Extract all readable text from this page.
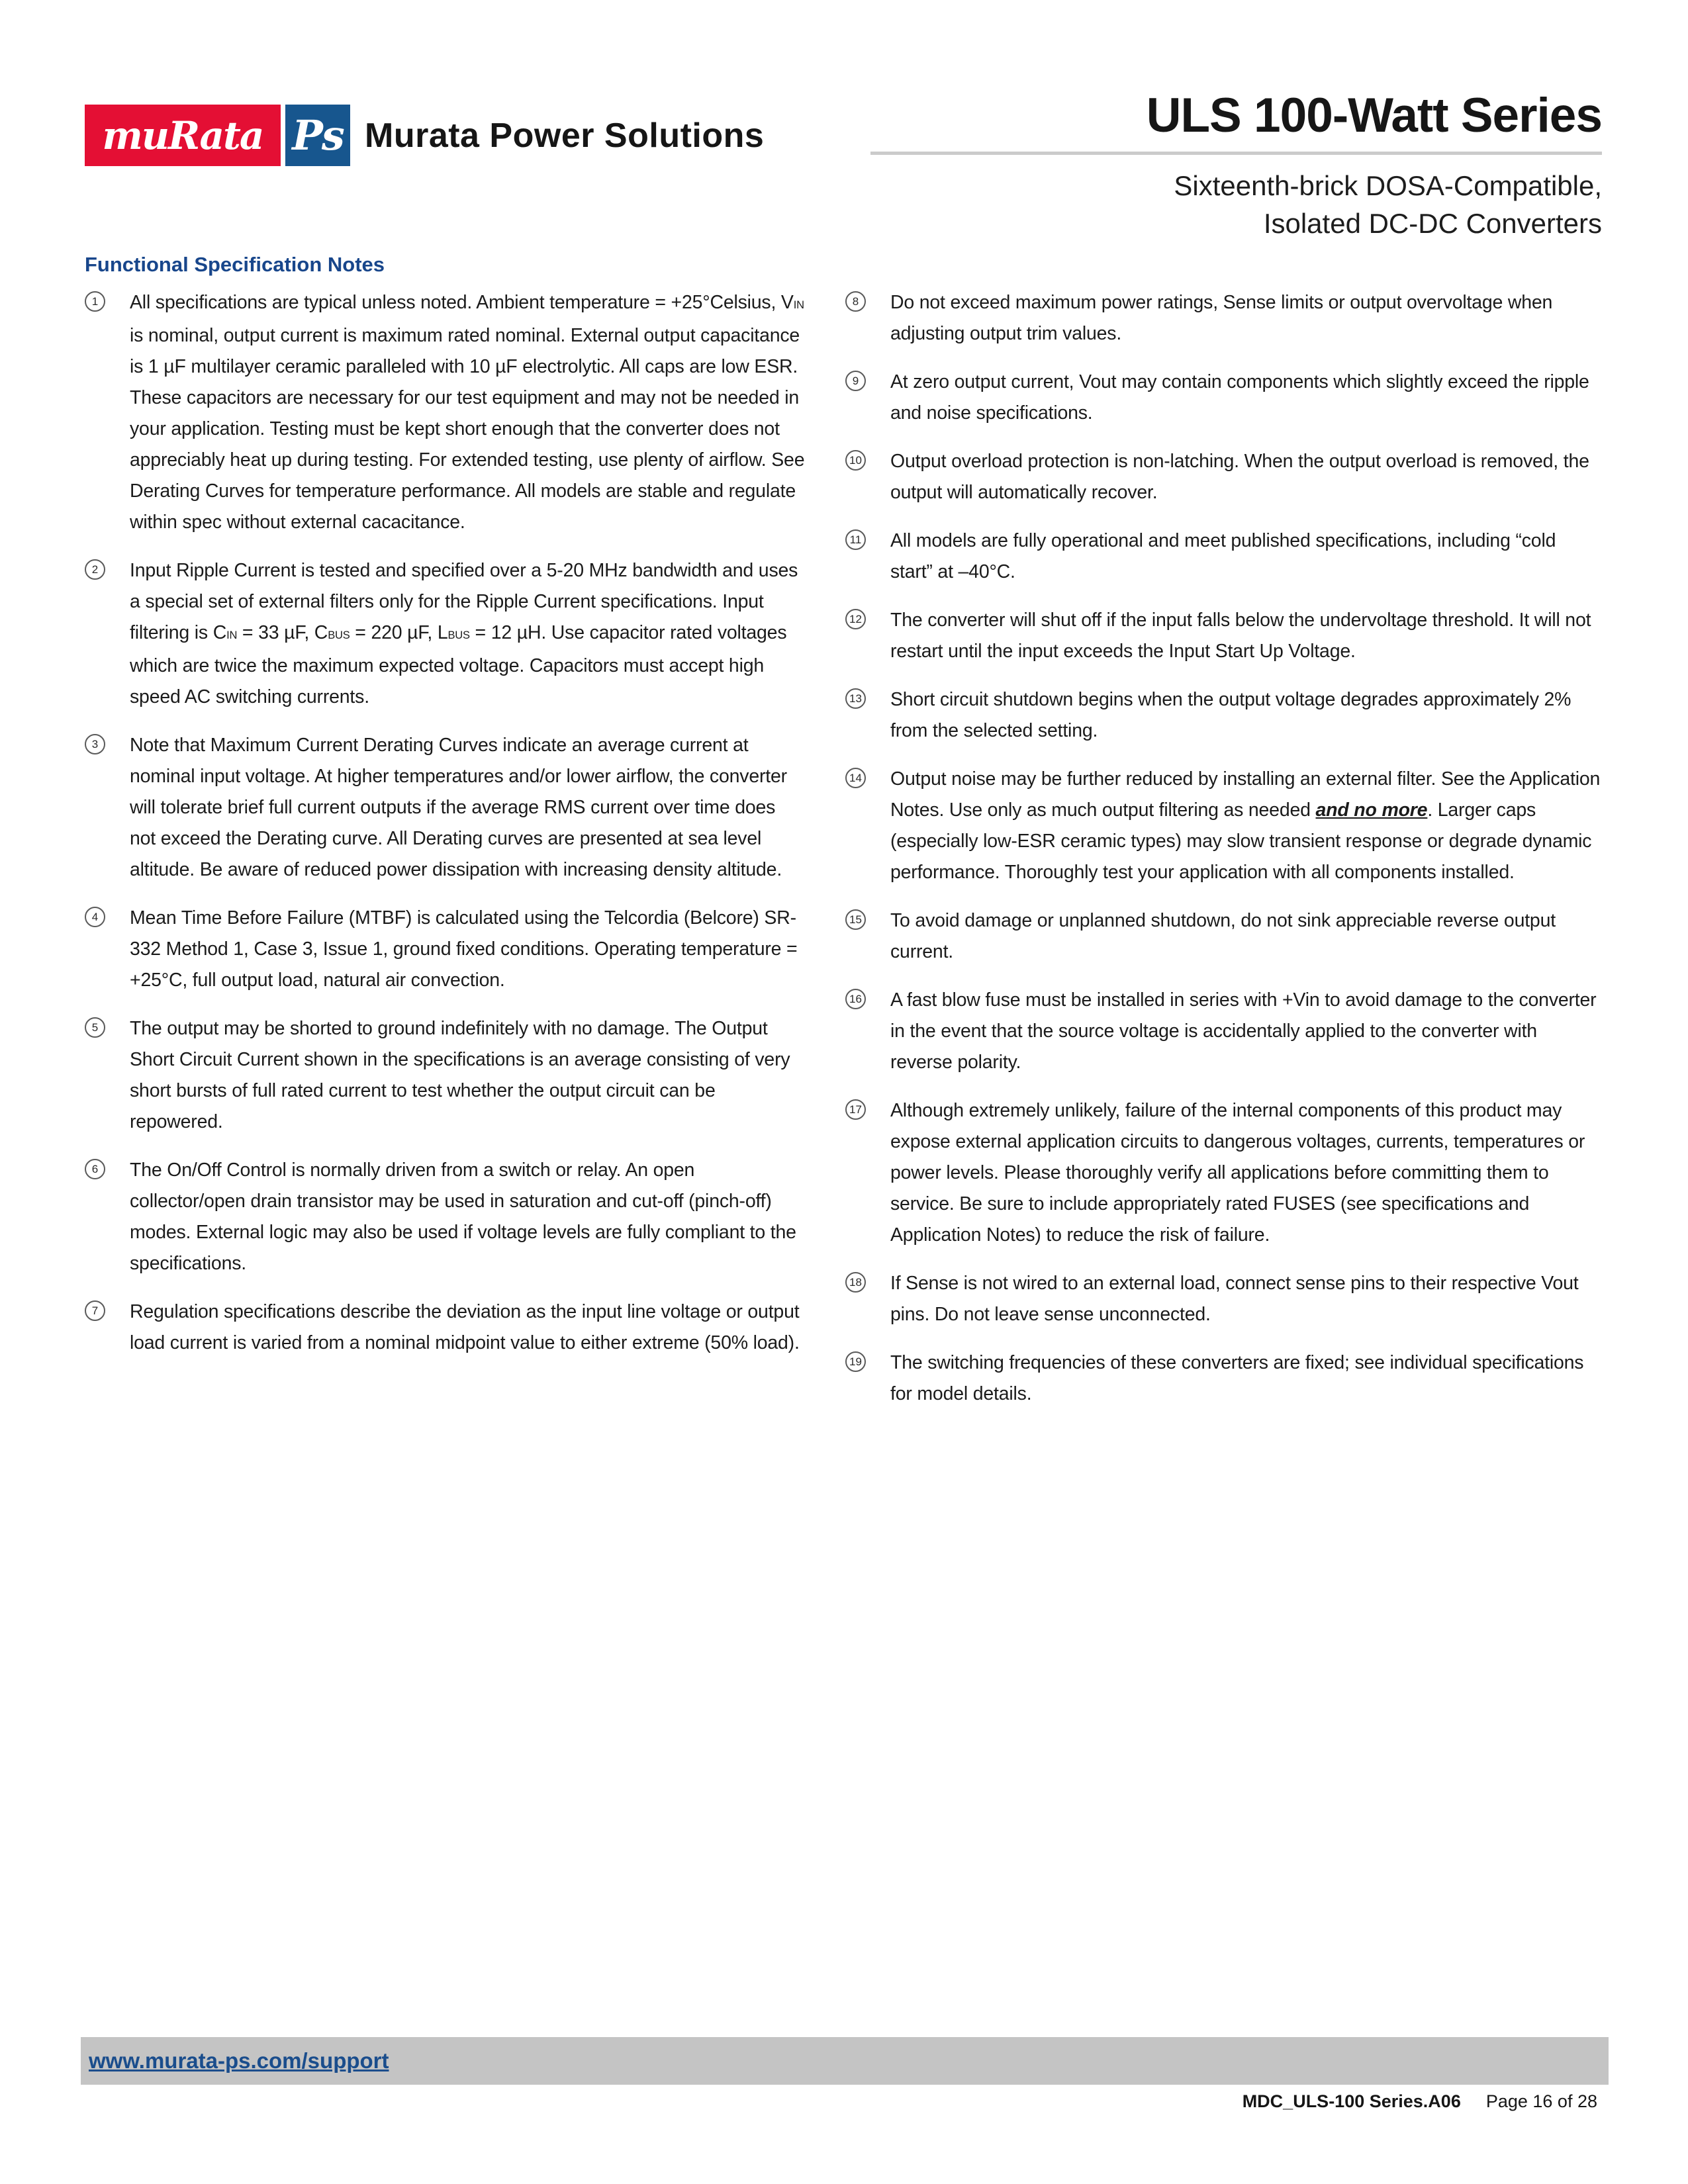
muRata Ps Murata Power Solutions	ULS 100-Watt Series
Sixteenth-brick DOSA-Compatible,
Isolated DC-DC Converters
Functional Specification Notes
1	All specifications are typical unless noted. Ambient temperature = +25°Celsius, VIN is nominal, output current is maximum rated nominal. External output capacitance is 1 µF multilayer ceramic paralleled with 10 µF electrolytic. All caps are low ESR. These capacitors are necessary for our test equipment and may not be needed in your application. Testing must be kept short enough that the converter does not appreciably heat up during testing. For extended testing, use plenty of airflow. See Derating Curves for temperature performance. All models are stable and regulate within spec without external cacacitance.

2	Input Ripple Current is tested and specified over a 5-20 MHz bandwidth and uses a special set of external filters only for the Ripple Current specifications. Input filtering is CIN = 33 µF, CBUS = 220 µF, LBUS = 12 µH. Use capacitor rated voltages which are twice the maximum expected voltage. Capacitors must accept high speed AC switching currents.

3	Note that Maximum Current Derating Curves indicate an average current at nominal input voltage. At higher temperatures and/or lower airflow, the converter will tolerate brief full current outputs if the average RMS current over time does not exceed the Derating curve. All Derating curves are presented at sea level altitude. Be aware of reduced power dissipation with increasing density altitude.

4	Mean Time Before Failure (MTBF) is calculated using the Telcordia (Belcore) SR-332 Method 1, Case 3, Issue 1, ground fixed conditions. Operating temperature = +25°C, full output load, natural air convection.

5	The output may be shorted to ground indefinitely with no damage. The Output Short Circuit Current shown in the specifications is an average consisting of very short bursts of full rated current to test whether the output circuit can be repowered.

6	The On/Off Control is normally driven from a switch or relay. An open collector/open drain transistor may be used in saturation and cut-off (pinch-off) modes. External logic may also be used if voltage levels are fully compliant to the specifications.

7	Regulation specifications describe the deviation as the input line voltage or output load current is varied from a nominal midpoint value to either extreme (50% load).

8	Do not exceed maximum power ratings, Sense limits or output overvoltage when adjusting output trim values.

9	At zero output current, Vout may contain components which slightly exceed the ripple and noise specifications.

10 Output overload protection is non-latching. When the output overload is removed, the output will automatically recover.

11 All models are fully operational and meet published specifications, including “cold start” at –40°C.

12 The converter will shut off if the input falls below the undervoltage threshold. It will not restart until the input exceeds the Input Start Up Voltage.

13 Short circuit shutdown begins when the output voltage degrades approximately 2% from the selected setting.

14 Output noise may be further reduced by installing an external filter. See the Application Notes. Use only as much output filtering as needed and no more. Larger caps (especially low-ESR ceramic types) may slow transient response or degrade dynamic performance. Thoroughly test your application with all components installed.

15 To avoid damage or unplanned shutdown, do not sink appreciable reverse output current.

16 A fast blow fuse must be installed in series with +Vin to avoid damage to the converter in the event that the source voltage is accidentally applied to the converter with reverse polarity.

17 Although extremely unlikely, failure of the internal components of this product may expose external application circuits to dangerous voltages, currents, temperatures or power levels. Please thoroughly verify all applications before committing them to service. Be sure to include appropriately rated FUSES (see specifications and Application Notes) to reduce the risk of failure.

18 If Sense is not wired to an external load, connect sense pins to their respective Vout pins. Do not leave sense unconnected.

19 The switching frequencies of these converters are fixed; see individual specifications for model details.

www.murata-ps.com/support
MDC_ULS-100 Series.A06 Page 16 of 28
